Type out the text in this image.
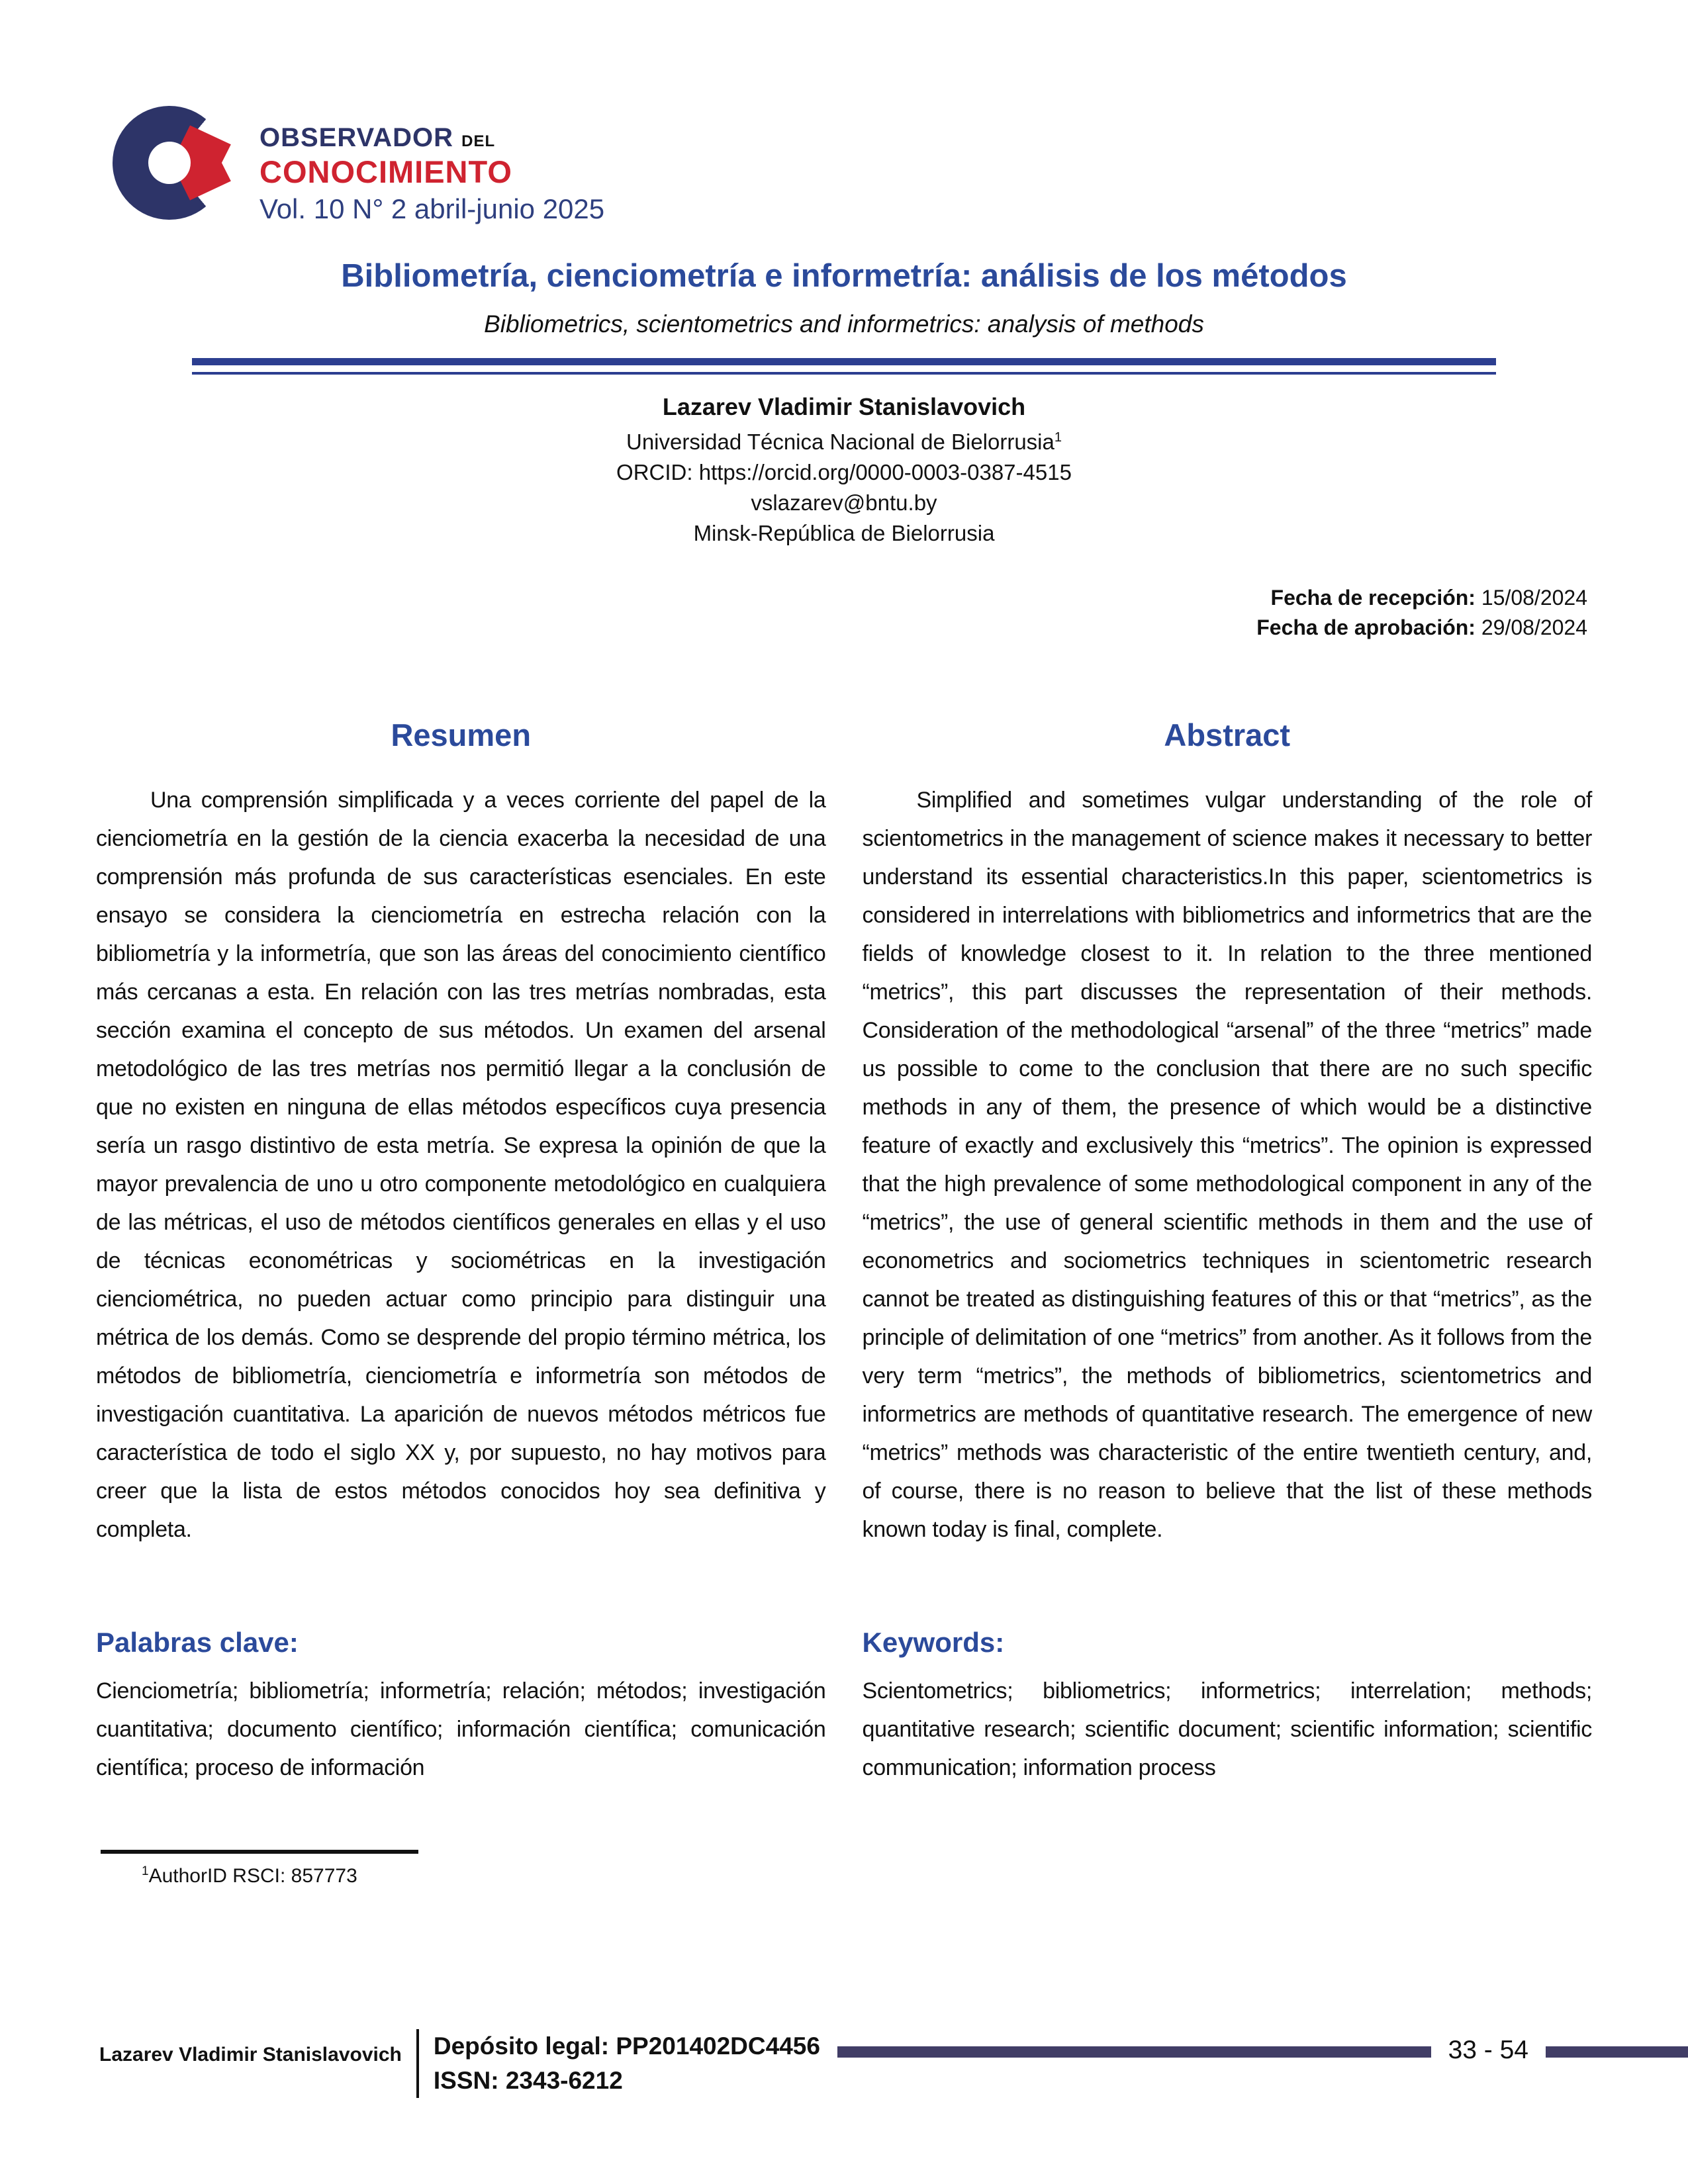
OBSERVADOR DEL
CONOCIMIENTO
Vol. 10 N° 2 abril-junio 2025
Bibliometría, cienciometría e informetría: análisis de los métodos
Bibliometrics, scientometrics and informetrics: analysis of methods
Lazarev Vladimir Stanislavovich
Universidad Técnica Nacional de Bielorrusia$^1$
ORCID: https://orcid.org/0000-0003-0387-4515
vslazarev@bntu.by
Minsk-República de Bielorrusia
Fecha de recepción: 15/08/2024
Fecha de aprobación: 29/08/2024
Resumen

Una comprensión simplificada y a veces corriente del papel de la cienciometría en la gestión de la ciencia exacerba la necesidad de una comprensión más profunda de sus características esenciales. En este ensayo se considera la cienciometría en estrecha relación con la bibliometría y la informetría, que son las áreas del conocimiento científico más cercanas a esta. En relación con las tres metrías nombradas, esta sección examina el concepto de sus métodos. Un examen del arsenal metodológico de las tres metrías nos permitió llegar a la conclusión de que no existen en ninguna de ellas métodos específicos cuya presencia sería un rasgo distintivo de esta metría. Se expresa la opinión de que la mayor prevalencia de uno u otro componente metodológico en cualquiera de las métricas, el uso de métodos científicos generales en ellas y el uso de técnicas econométricas y sociométricas en la investigación cienciométrica, no pueden actuar como principio para distinguir una métrica de los demás. Como se desprende del propio término métrica, los métodos de bibliometría, cienciometría e informetría son métodos de investigación cuantitativa. La aparición de nuevos métodos métricos fue característica de todo el siglo XX y, por supuesto, no hay motivos para creer que la lista de estos métodos conocidos hoy sea definitiva y completa.

Abstract

Simplified and sometimes vulgar understanding of the role of scientometrics in the management of science makes it necessary to better understand its essential characteristics.In this paper, scientometrics is considered in interrelations with bibliometrics and informetrics that are the fields of knowledge closest to it. In relation to the three mentioned “metrics”, this part discusses the representation of their methods. Consideration of the methodological “arsenal” of the three “metrics” made us possible to come to the conclusion that there are no such specific methods in any of them, the presence of which would be a distinctive feature of exactly and exclusively this “metrics”. The opinion is expressed that the high prevalence of some methodological component in any of the “metrics”, the use of general scientific methods in them and the use of econometrics and sociometrics techniques in scientometric research cannot be treated as distinguishing features of this or that “metrics”, as the principle of delimitation of one “metrics” from another. As it follows from the very term “metrics”, the methods of bibliometrics, scientometrics and informetrics are methods of quantitative research. The emergence of new “metrics” methods was characteristic of the entire twentieth century, and, of course, there is no reason to believe that the list of these methods known today is final, complete.

Palabras clave:

Cienciometría; bibliometría; informetría; relación; métodos; investigación cuantitativa; documento científico; información científica; comunicación científica; proceso de información

Keywords:

Scientometrics; bibliometrics; informetrics; interrelation; methods; quantitative research; scientific document; scientific information; scientific communication; information process

$^1$AuthorID RSCI: 857773
Lazarev Vladimir Stanislavovich Depósito legal: PP201402DC4456
ISSN: 2343-6212
33 - 54
